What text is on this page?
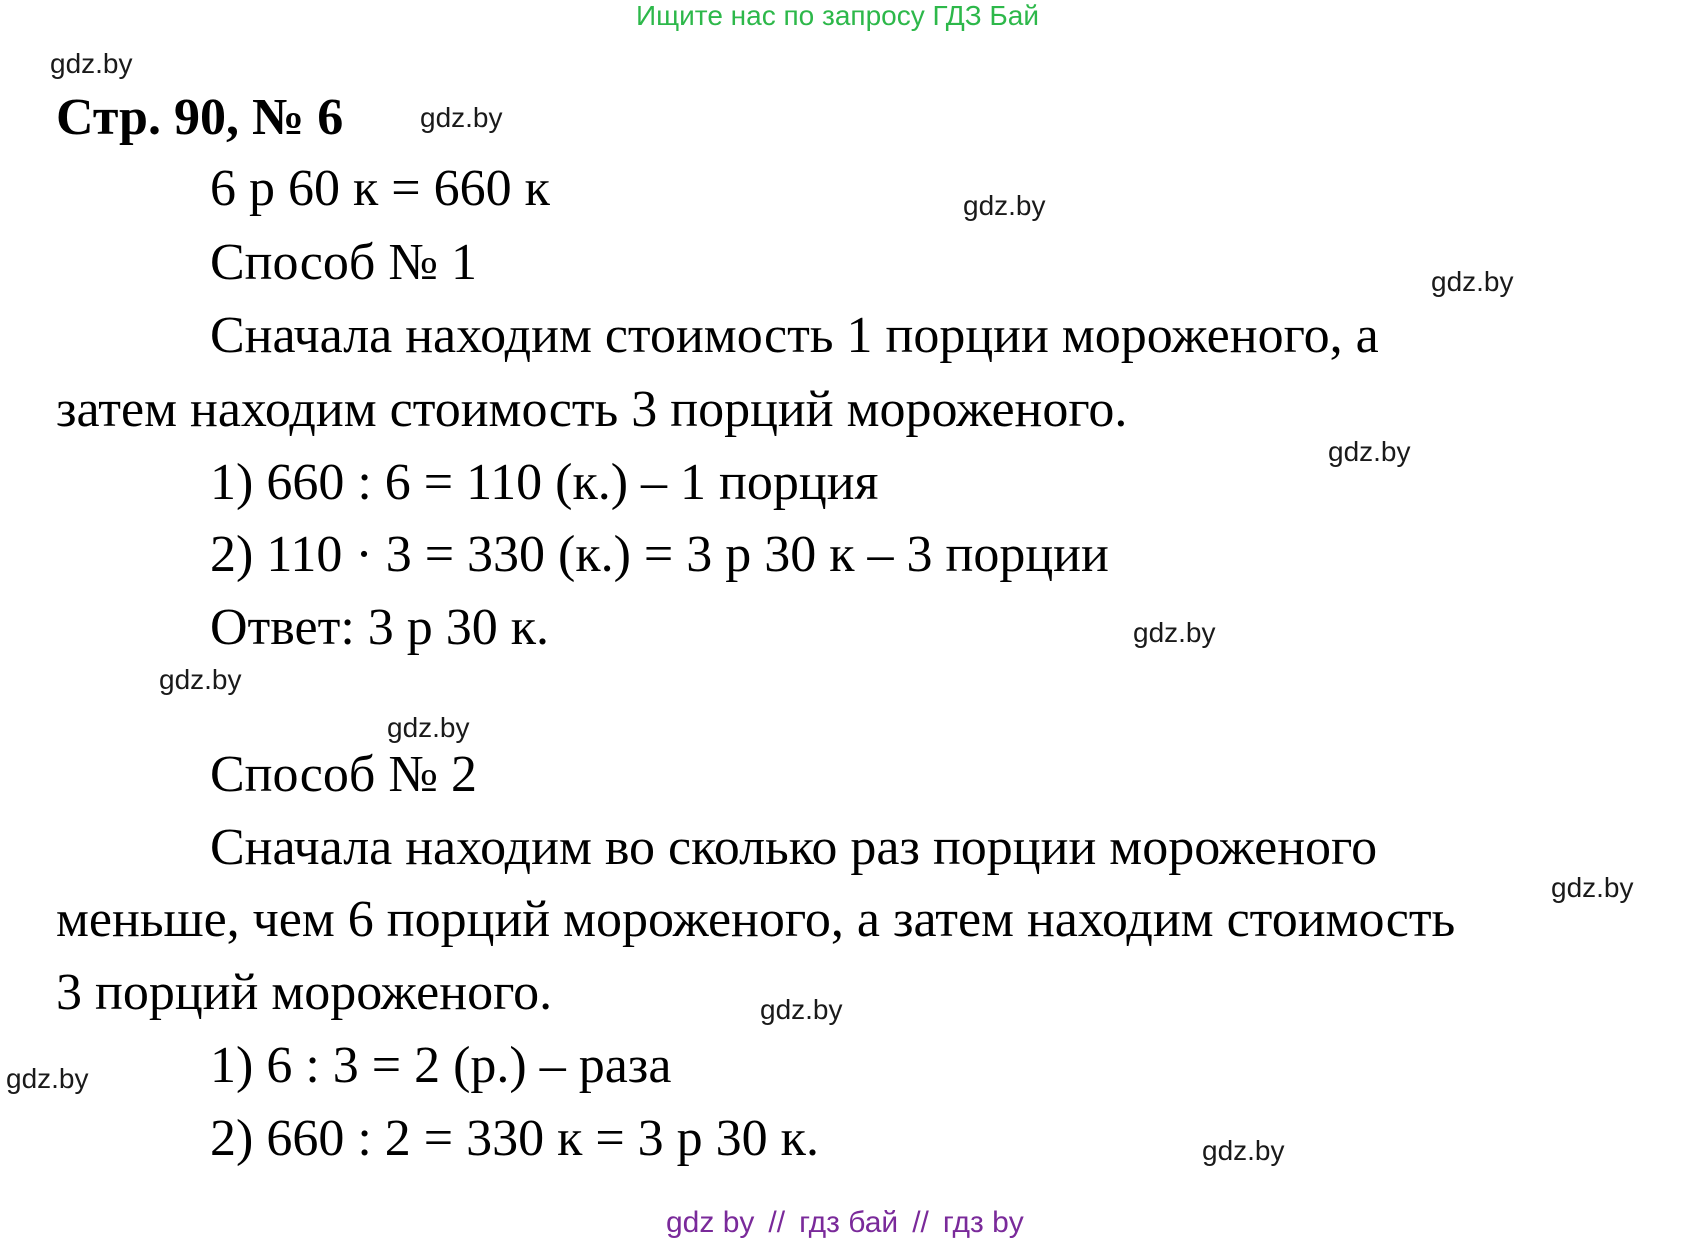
Ищите нас по запросу ГДЗ Бай
gdz.by
gdz.by
gdz.by
gdz.by
gdz.by
gdz.by
gdz.by
gdz.by
gdz.by
gdz.by
gdz.by
gdz.by
Стр. 90, № 6
6 р 60 к = 660 к
Способ № 1
Сначала находим стоимость 1 порции мороженого, а
затем находим стоимость 3 порций мороженого.
1) 660 : 6 = 110 (к.) – 1 порция
2) 110 · 3 = 330 (к.) = 3 р 30 к – 3 порции
Ответ: 3 р 30 к.
Способ № 2
Сначала находим во сколько раз порции мороженого
меньше, чем 6 порций мороженого, а затем находим стоимость
3 порций мороженого.
1) 6 : 3 = 2 (р.) – раза
2) 660 : 2 = 330 к = 3 р 30 к.
gdz by // гдз бай // гдз by
